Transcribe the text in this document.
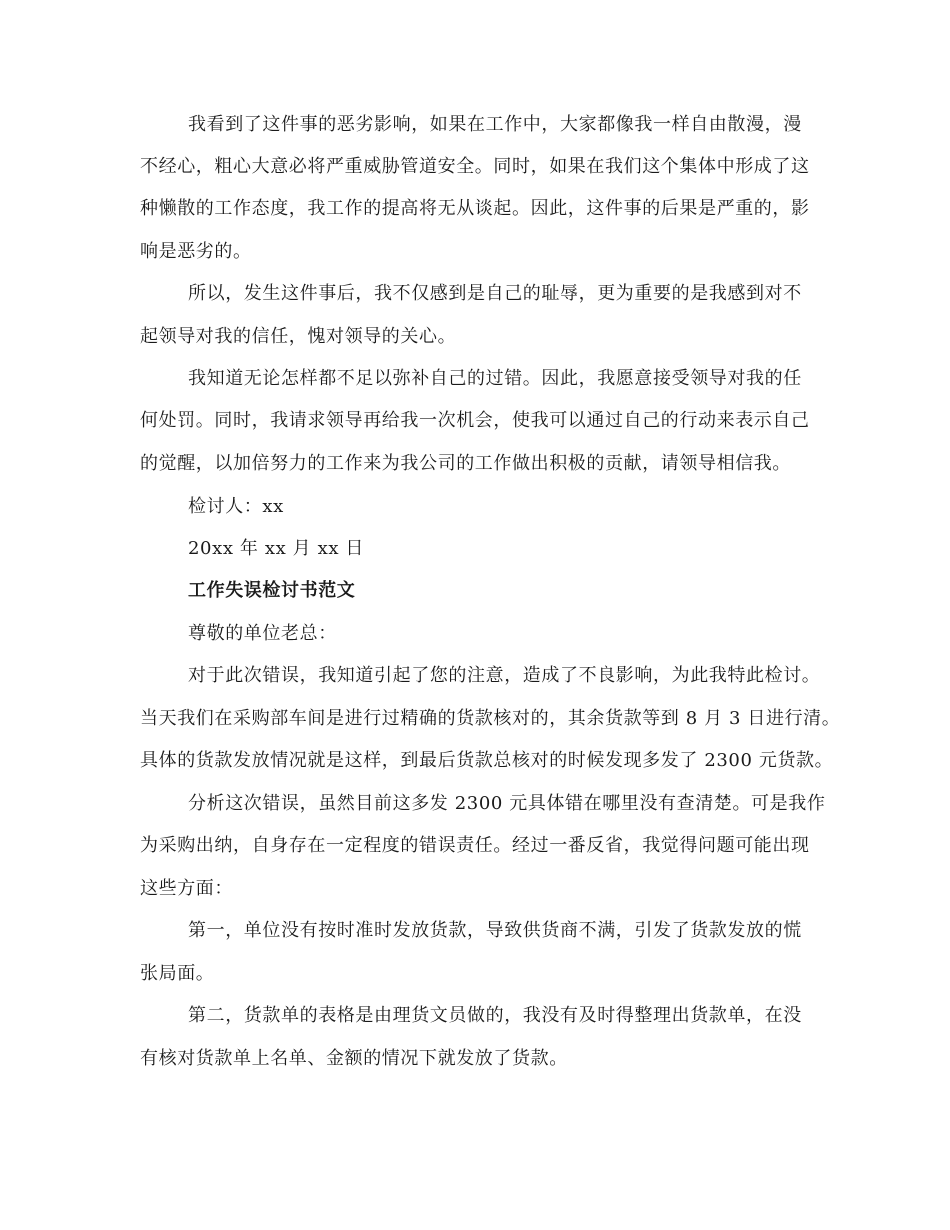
我看到了这件事的恶劣影响，如果在工作中，大家都像我一样自由散漫，漫
不经心，粗心大意必将严重威胁管道安全。同时，如果在我们这个集体中形成了这
种懒散的工作态度，我工作的提高将无从谈起。因此，这件事的后果是严重的，影
响是恶劣的。
所以，发生这件事后，我不仅感到是自己的耻辱，更为重要的是我感到对不
起领导对我的信任，愧对领导的关心。
我知道无论怎样都不足以弥补自己的过错。因此，我愿意接受领导对我的任
何处罚。同时，我请求领导再给我一次机会，使我可以通过自己的行动来表示自己
的觉醒，以加倍努力的工作来为我公司的工作做出积极的贡献，请领导相信我。
检讨人：xx
20xx 年 xx 月 xx 日
工作失误检讨书范文
尊敬的单位老总：
对于此次错误，我知道引起了您的注意，造成了不良影响，为此我特此检讨。
当天我们在采购部车间是进行过精确的货款核对的，其余货款等到 8 月 3 日进行清。
具体的货款发放情况就是这样，到最后货款总核对的时候发现多发了 2300 元货款。
分析这次错误，虽然目前这多发 2300 元具体错在哪里没有查清楚。可是我作
为采购出纳，自身存在一定程度的错误责任。经过一番反省，我觉得问题可能出现
这些方面：
第一，单位没有按时准时发放货款，导致供货商不满，引发了货款发放的慌
张局面。
第二，货款单的表格是由理货文员做的，我没有及时得整理出货款单，在没
有核对货款单上名单、金额的情况下就发放了货款。
